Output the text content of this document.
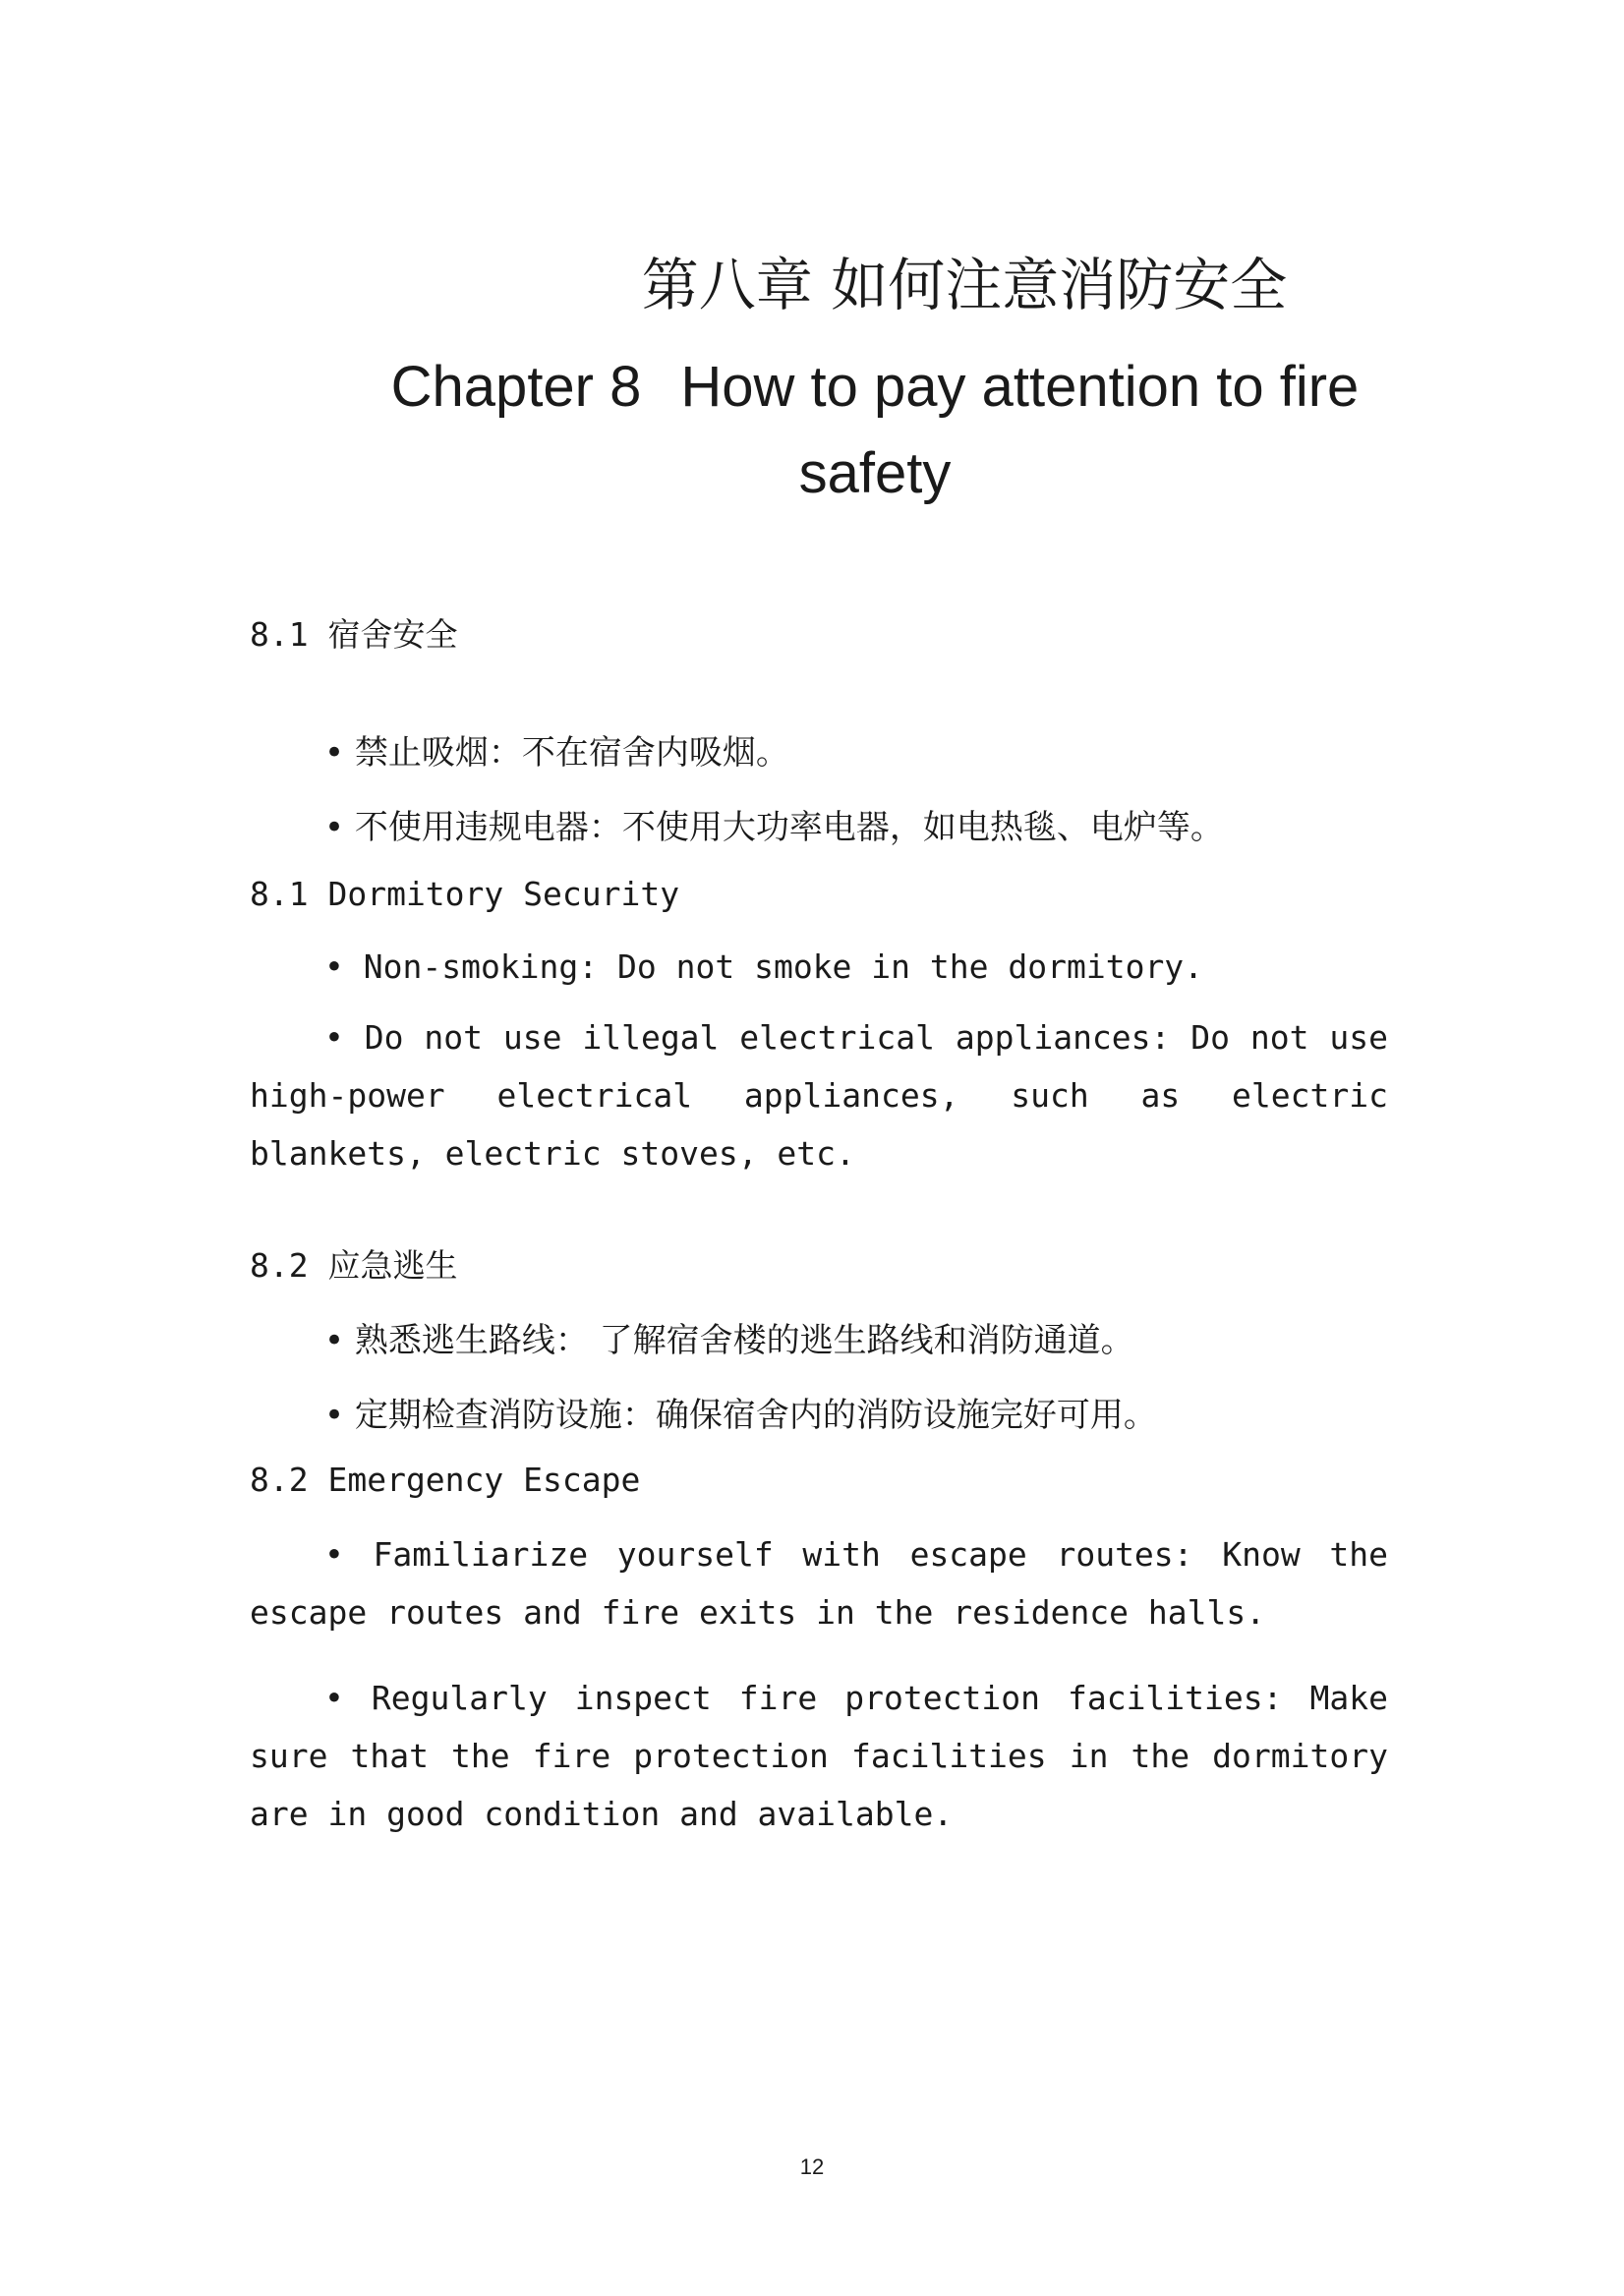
第八章 如何注意消防安全
Chapter 8 How to pay attention to fire safety

8.1 宿舍安全

• 禁止吸烟：不在宿舍内吸烟。

• 不使用违规电器：不使用大功率电器，如电热毯、电炉等。

8.1 Dormitory Security

• Non-smoking: Do not smoke in the dormitory.

• Do not use illegal electrical appliances: Do not use high-power electrical appliances, such as electric blankets, electric stoves, etc.

8.2 应急逃生

• 熟悉逃生路线： 了解宿舍楼的逃生路线和消防通道。

• 定期检查消防设施：确保宿舍内的消防设施完好可用。

8.2 Emergency Escape

• Familiarize yourself with escape routes: Know the escape routes and fire exits in the residence halls.

• Regularly inspect fire protection facilities: Make sure that the fire protection facilities in the dormitory are in good condition and available.

12
